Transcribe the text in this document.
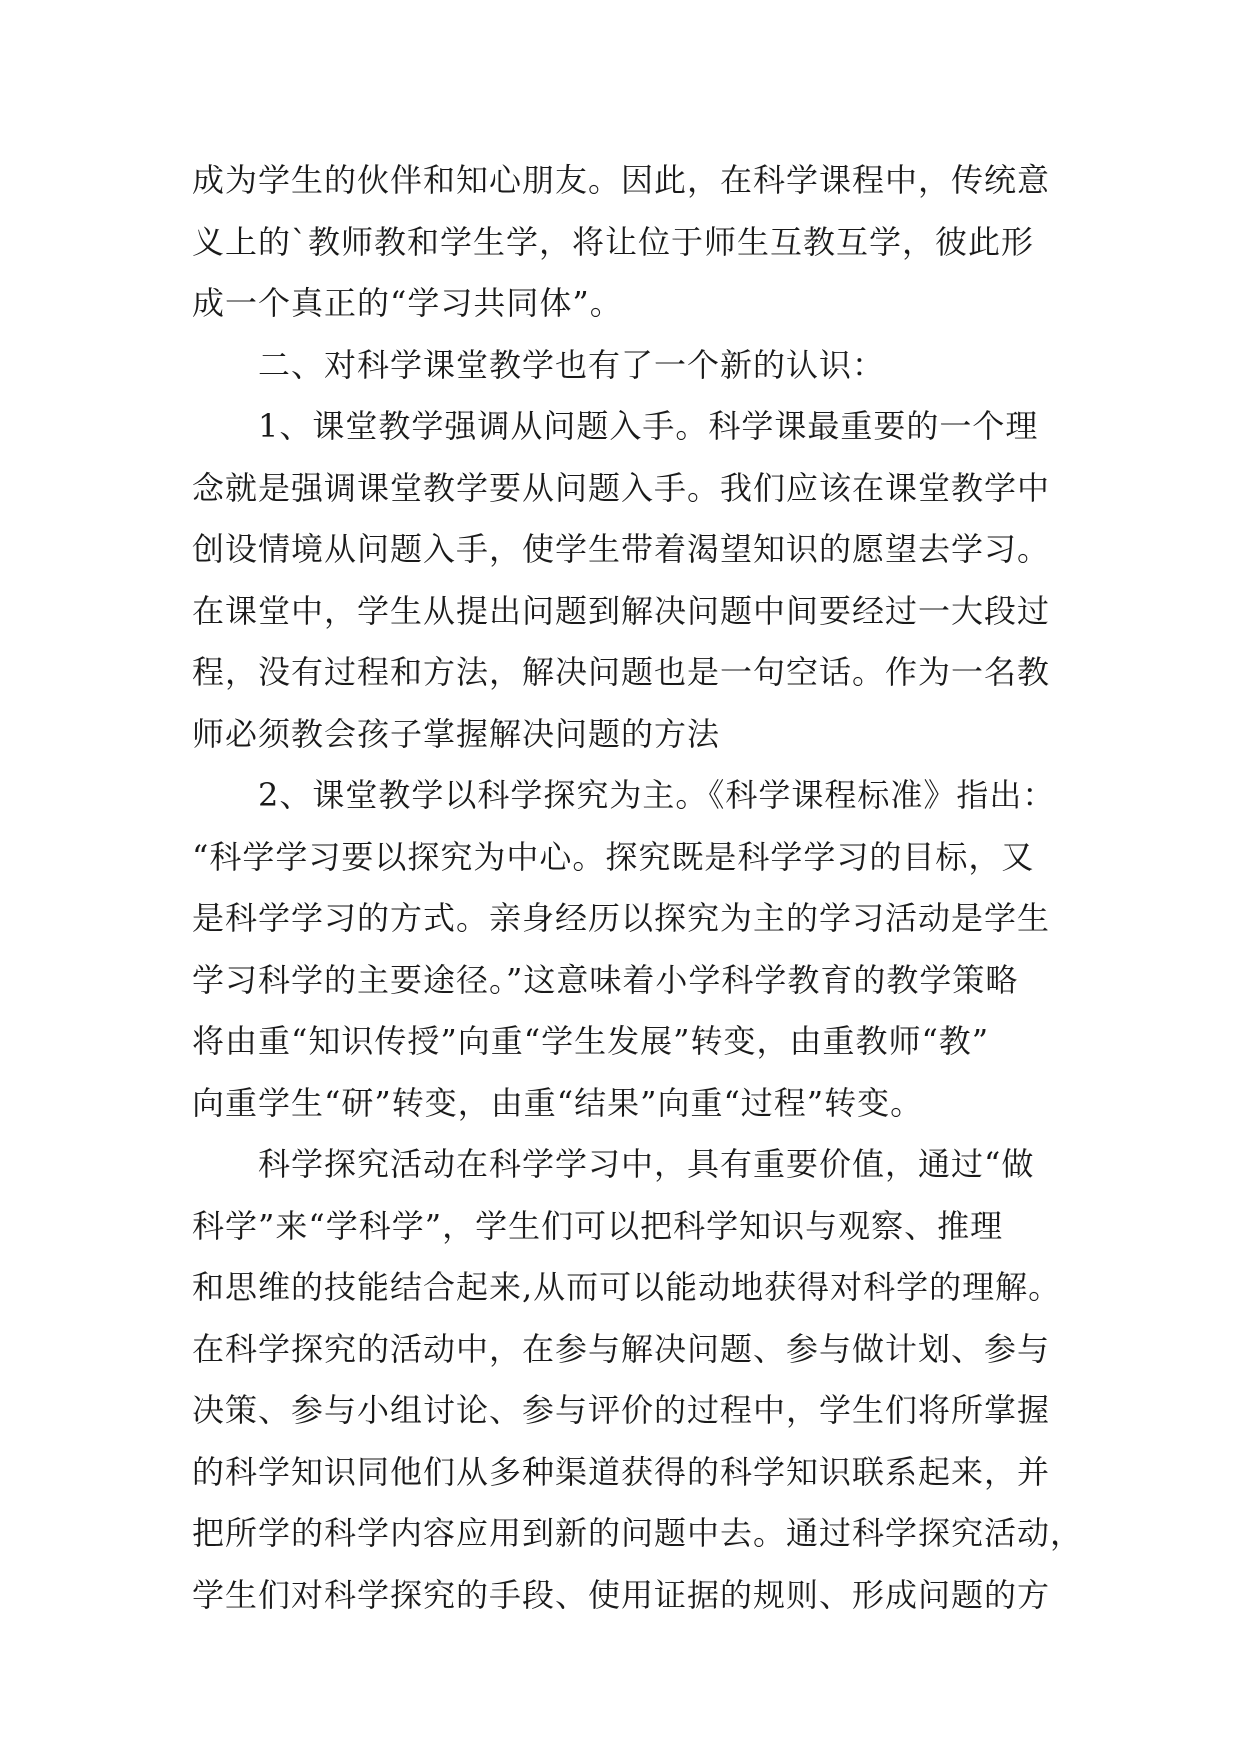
成为学生的伙伴和知心朋友。因此，在科学课程中，传统意
义上的`教师教和学生学，将让位于师生互教互学，彼此形
成一个真正的“学习共同体”。
二、对科学课堂教学也有了一个新的认识：
1、课堂教学强调从问题入手。科学课最重要的一个理
念就是强调课堂教学要从问题入手。我们应该在课堂教学中
创设情境从问题入手，使学生带着渴望知识的愿望去学习。
在课堂中，学生从提出问题到解决问题中间要经过一大段过
程，没有过程和方法，解决问题也是一句空话。作为一名教
师必须教会孩子掌握解决问题的方法
2、课堂教学以科学探究为主。《科学课程标准》指出：
“科学学习要以探究为中心。探究既是科学学习的目标，又
是科学学习的方式。亲身经历以探究为主的学习活动是学生
学习科学的主要途径。”这意味着小学科学教育的教学策略
将由重“知识传授”向重“学生发展”转变，由重教师“教”
向重学生“研”转变，由重“结果”向重“过程”转变。
科学探究活动在科学学习中，具有重要价值，通过“做
科学”来“学科学”，学生们可以把科学知识与观察、推理
和思维的技能结合起来,从而可以能动地获得对科学的理解。
在科学探究的活动中，在参与解决问题、参与做计划、参与
决策、参与小组讨论、参与评价的过程中，学生们将所掌握
的科学知识同他们从多种渠道获得的科学知识联系起来，并
把所学的科学内容应用到新的问题中去。通过科学探究活动，
学生们对科学探究的手段、使用证据的规则、形成问题的方
